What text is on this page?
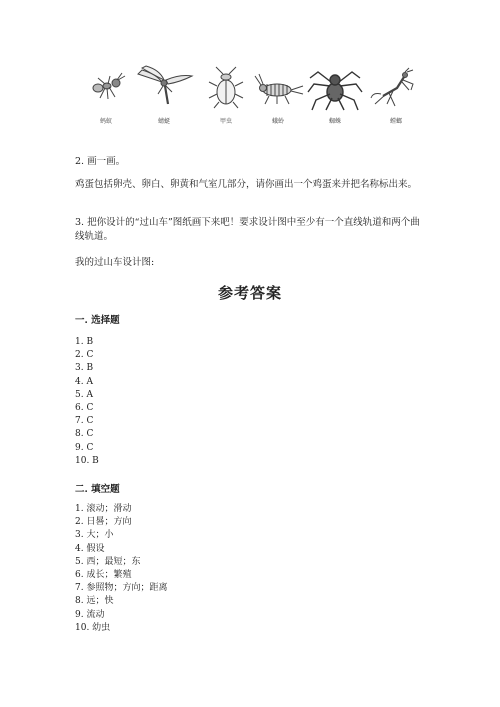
蚂蚁	蜻蜓	甲虫	蛾蛉	蜘蛛	螳螂
2. 画一画。
鸡蛋包括卵壳、卵白、卵黄和气室几部分，请你画出一个鸡蛋来并把名称标出来。
3. 把你设计的“过山车”图纸画下来吧！要求设计图中至少有一个直线轨道和两个曲线轨道。
我的过山车设计图:
参考答案
一. 选择题
1. B
2. C
3. B
4. A
5. A
6. C
7. C
8. C
9. C
10. B
二. 填空题
1. 滚动；滑动
2. 日晷；方向
3. 大；小
4. 假设
5. 西；最短；东
6. 成长；繁殖
7. 参照物；方向；距离
8. 远；快
9. 流动
10. 幼虫
